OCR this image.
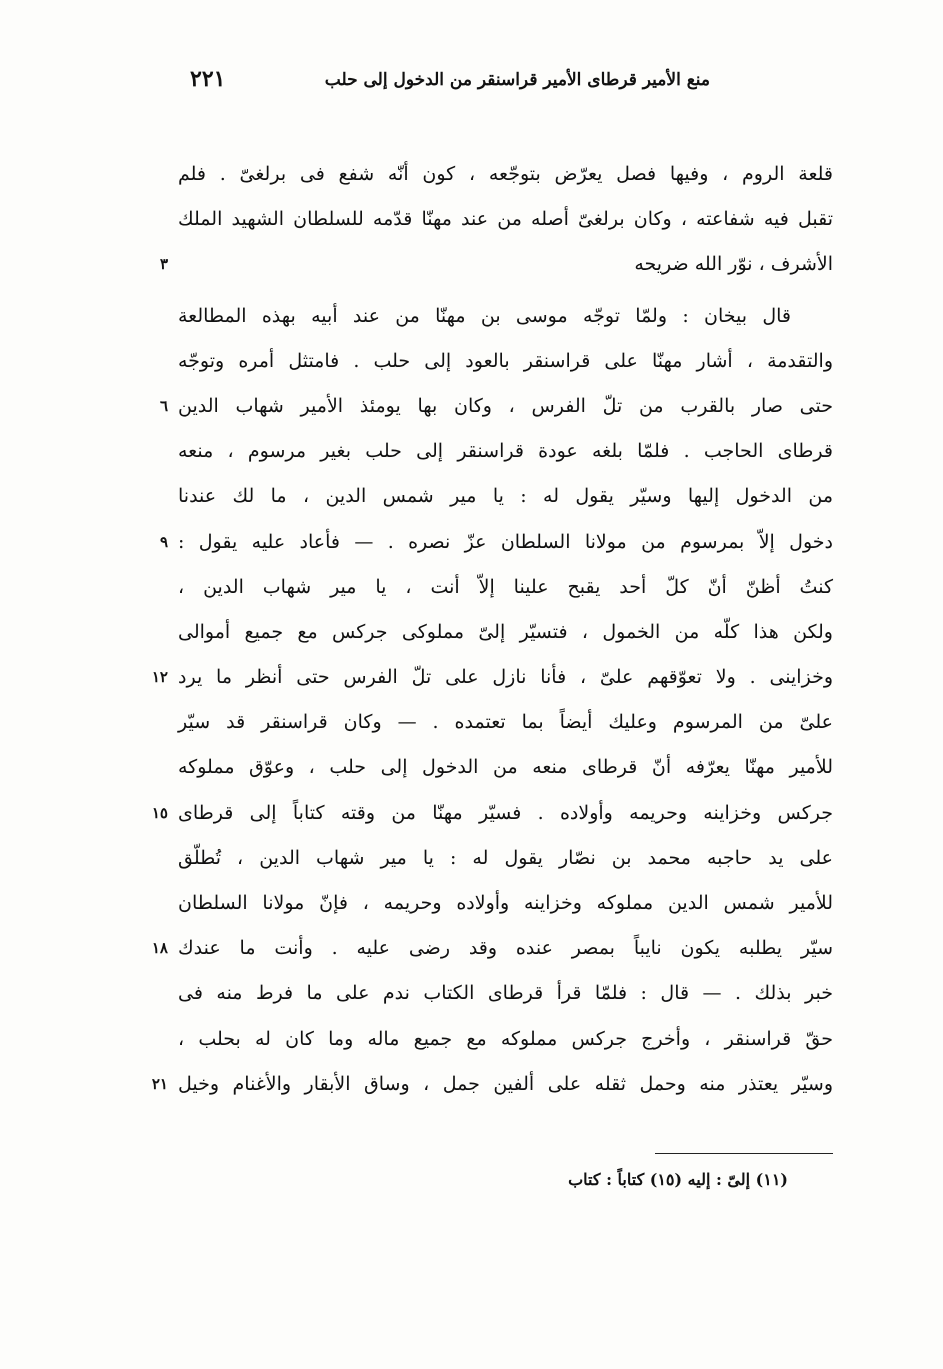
منع الأمير قرطاى الأمير قراسنقر من الدخول إلى حلب
٢٢١
قلعة الروم ، وفيها فصل يعرّض بتوجّعه ، كون أنّه شفع فى برلغىّ . فلم
تقبل فيه شفاعته ، وكان برلغىّ أصله من عند مهنّا قدّمه للسلطان الشهيد الملك
الأشرف ، نوّر الله ضريحه
٣
قال بيخان : ولمّا توجّه موسى بن مهنّا من عند أبيه بهذه المطالعة
والتقدمة ، أشار مهنّا على قراسنقر بالعود إلى حلب . فامتثل أمره وتوجّه
حتى صار بالقرب من تلّ الفرس ، وكان بها يومئذ الأمير شهاب الدين
٦
قرطاى الحاجب . فلمّا بلغه عودة قراسنقر إلى حلب بغير مرسوم ، منعه
من الدخول إليها وسيّر يقول له : يا مير شمس الدين ، ما لك عندنا
دخول إلاّ بمرسوم من مولانا السلطان عزّ نصره . — فأعاد عليه يقول :
٩
كنتُ أظنّ أنّ كلّ أحد يقبح علينا إلاّ أنت ، يا مير شهاب الدين ،
ولكن هذا كلّه من الخمول ، فتسيّر إلىّ مملوكى جركس مع جميع أموالى
وخزاينى . ولا تعوّقهم علىّ ، فأنا نازل على تلّ الفرس حتى أنظر ما يرد
١٢
علىّ من المرسوم وعليك أيضاً بما تعتمده . — وكان قراسنقر قد سيّر
للأمير مهنّا يعرّفه أنّ قرطاى منعه من الدخول إلى حلب ، وعوّق مملوكه
جركس وخزاينه وحريمه وأولاده . فسيّر مهنّا من وقته كتاباً إلى قرطاى
١٥
على يد حاجبه محمد بن نصّار يقول له : يا مير شهاب الدين ، تُطلّق
للأمير شمس الدين مملوكه وخزاينه وأولاده وحريمه ، فإنّ مولانا السلطان
سيّر يطلبه يكون نايباً بمصر عنده وقد رضى عليه . وأنت ما عندك
١٨
خبر بذلك . — قال : فلمّا قرأ قرطاى الكتاب ندم على ما فرط منه فى
حقّ قراسنقر ، وأخرج جركس مملوكه مع جميع ماله وما كان له بحلب ،
وسيّر يعتذر منه وحمل ثقله على ألفين جمل ، وساق الأبقار والأغنام وخيل
٢١
(١١) إلىّ : إليه (١٥) كتاباً : كتاب
